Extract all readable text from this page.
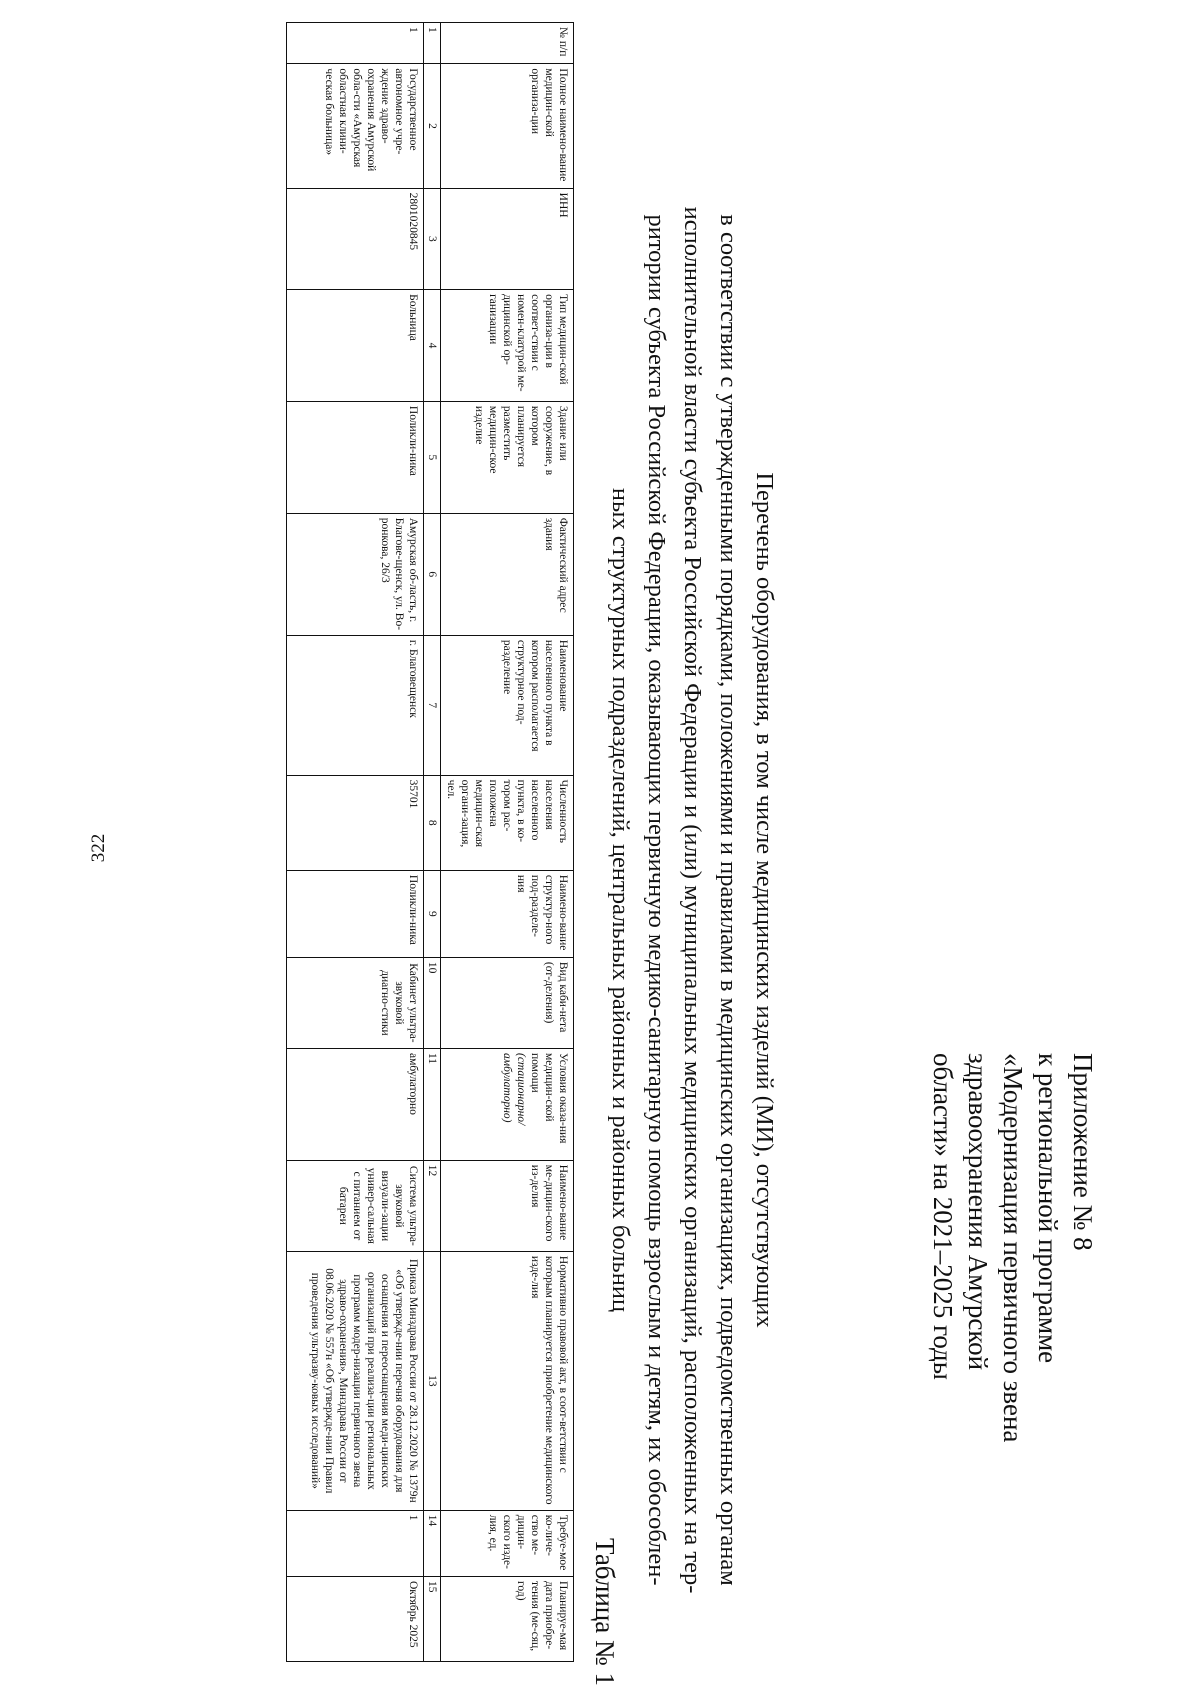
322
Приложение № 8
к региональной программе
«Модернизация первичного звена
здравоохранения Амурской
области» на 2021–2025 годы
Перечень оборудования, в том числе медицинских изделий (МИ), отсутствующих
в соответствии с утвержденными порядками, положениями и правилами в медицинских организациях, подведомственных органам
исполнительной власти субъекта Российской Федерации и (или) муниципальных медицинских организаций, расположенных на тер-
ритории субъекта Российской Федерации, оказывающих первичную медико-санитарную помощь взрослым и детям, их обособлен-
ных структурных подразделений, центральных районных и районных больниц
Таблица № 1
№ п/п	Полное наимено-вание медицин-ской организа-ции	ИНН	Тип медицин-ской организа-ции в соответ-ствии с номен-клатурой ме-дицинской ор-ганизации	Здание или сооружение, в котором планируется разместить медицин-ское изделие	Фактический адрес здания	Наименование населенного пункта в котором располагается структурное под-разделение	Численность населения населенного пункта, в ко-тором рас-положена медицин-ская органи-зация, чел.	Наимено-вание структур-ного под-разделе-ния	Вид каби-нета (от-деления)	Условия оказа-ния медицин-ской помощи (стационарно/ амбулаторно)	Наимено-вание ме-дицин-ского из-делия	Нормативно правовой акт, в соот-ветствии с которым планируется приобретение медицинского изде-лия	Требуе-мое ко-личе-ство ме-дицин-ского изде-лия, ед.	Планируе-мая дата приобре-тения (ме-сяц, год)
1	2	3	4	5	6	7	8	9	10	11	12	13	14	15
1	Государственное автономное учре-ждение здраво-охранения Амурской обла-сти «Амурская областная клини-ческая больница»	2801020845	Больница	Поликли-ника	Амурская об-ласть, г. Благове-щенск, ул. Во-ронкова, 26/3	г. Благовещенск	35701	Поликли-ника	Кабинет ультра-звуковой диагно-стики	амбулаторно	Система ультра-звуковой визуали-зации универ-сальная с питанием от батареи	Приказ Минздрава России от 28.12.2020 № 1379н «Об утвержде-нии перечня оборудования для оснащения и переоснащения меди-цинских организаций при реализа-ции региональных программ модер-низации первичного звена здраво-охранения», Минздрава России от 08.06.2020 № 557н «Об утвержде-нии Правил проведения ультразву-ковых исследований»	1	Октябрь 2025
